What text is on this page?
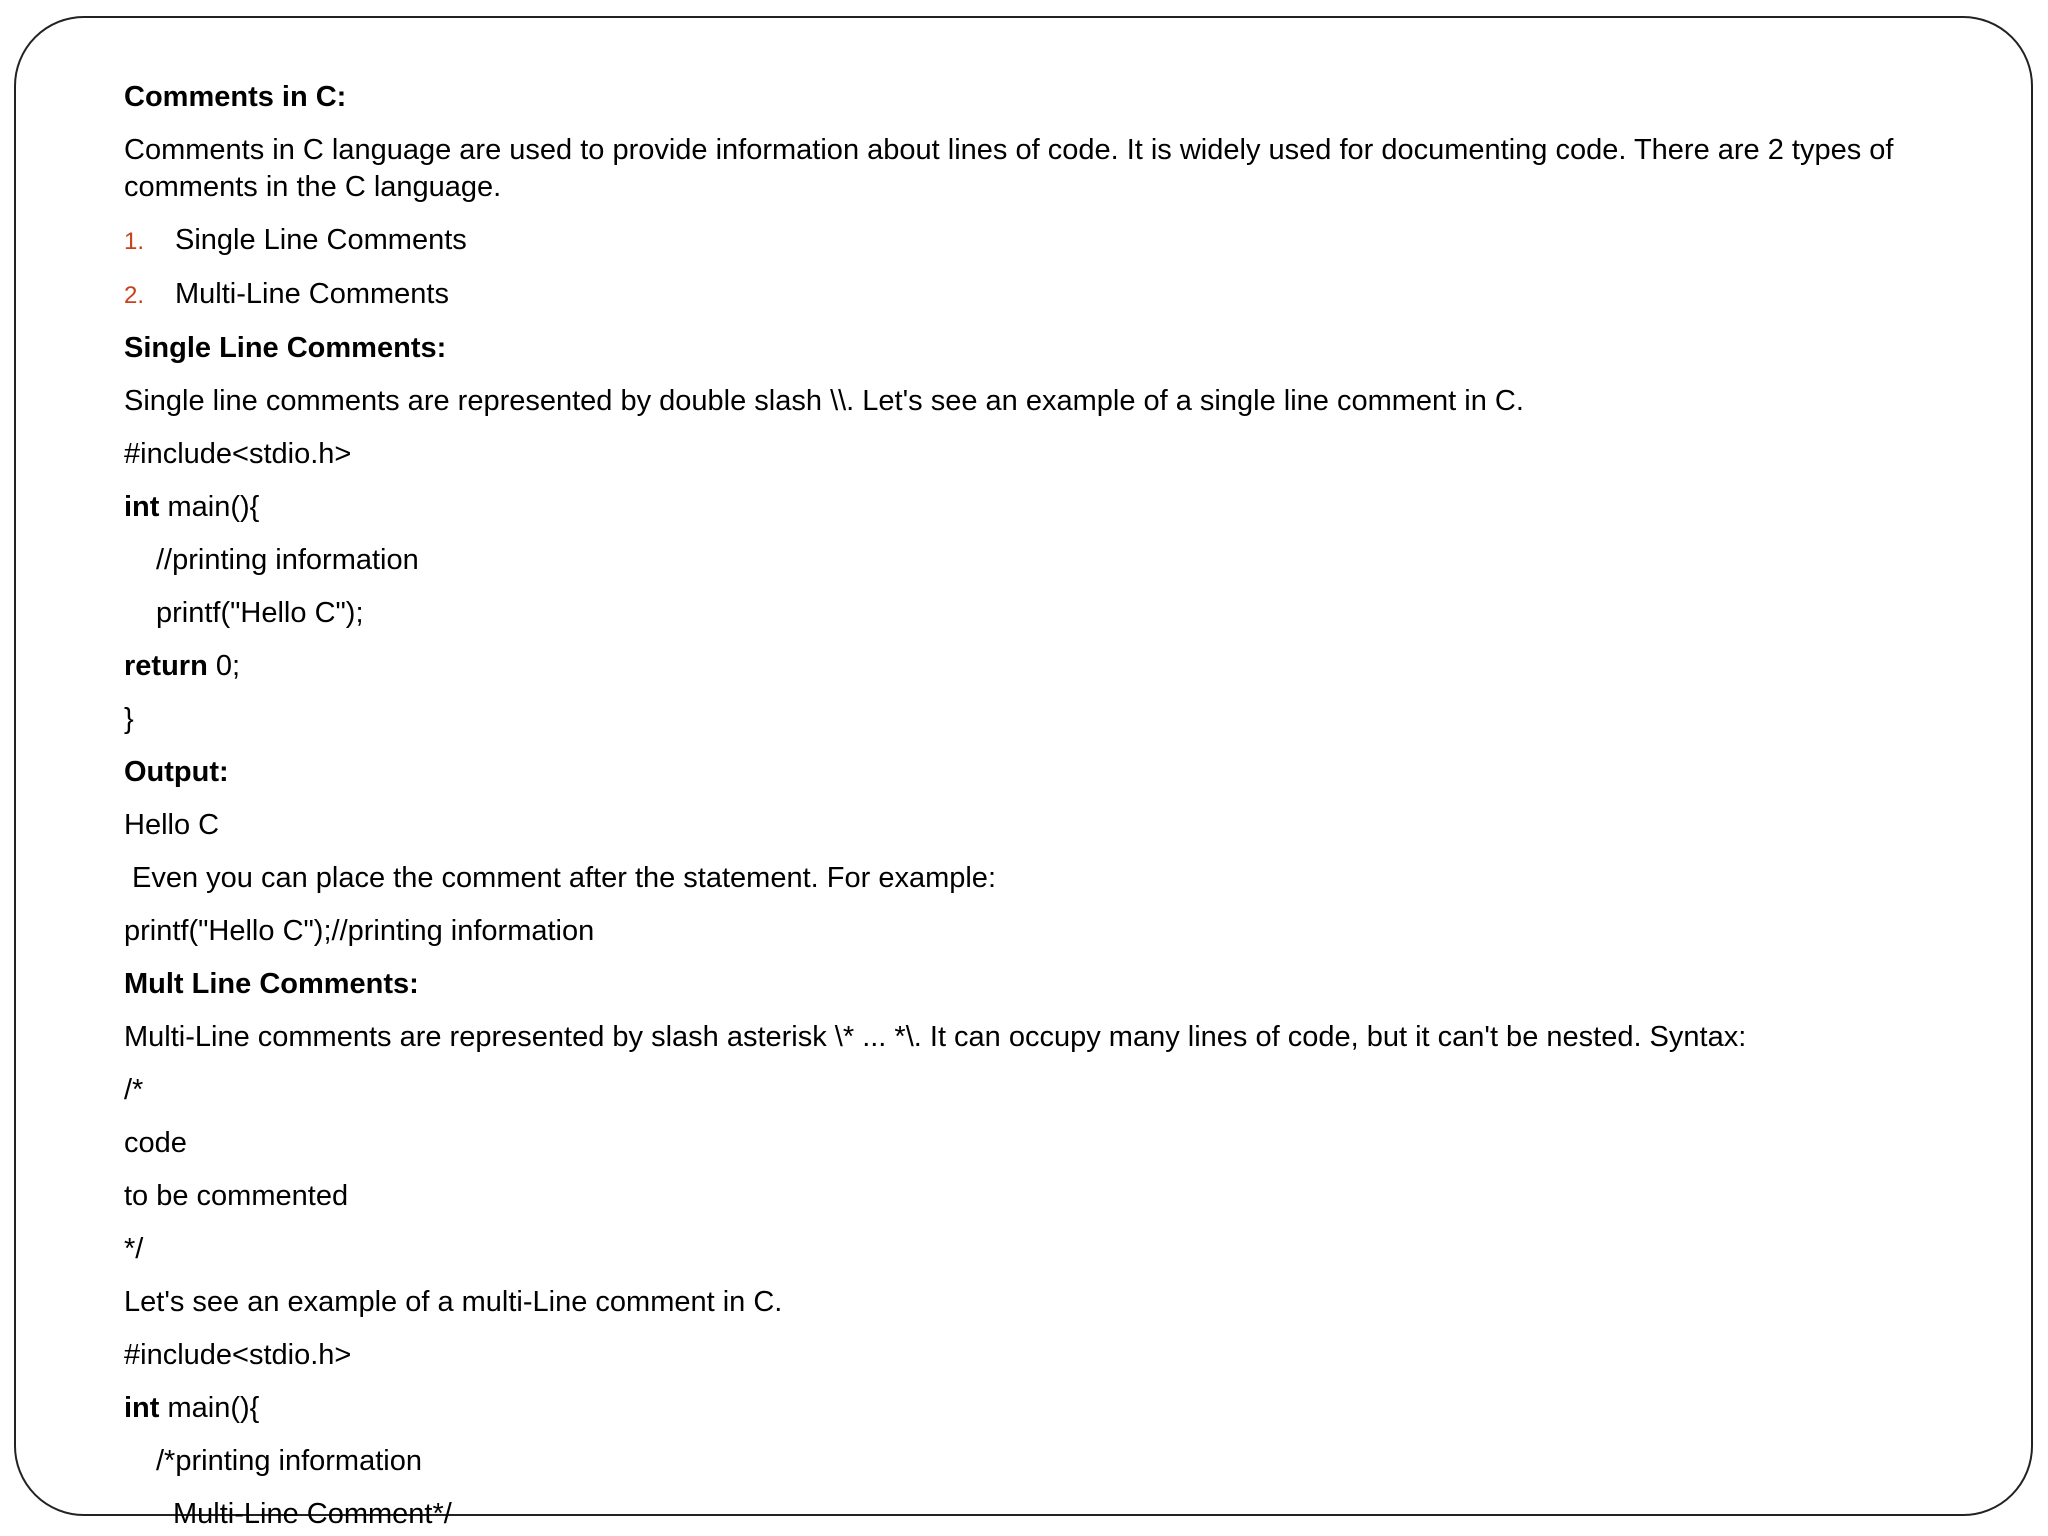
Comments in C:
Comments in C language are used to provide information about lines of code. It is widely used for documenting code. There are 2 types of comments in the C language.
1.	Single Line Comments
2.	Multi-Line Comments
Single Line Comments:
Single line comments are represented by double slash \\. Let's see an example of a single line comment in C.
#include<stdio.h>
int main(){
//printing information
printf("Hello C");
return 0;
}
Output:
Hello C
Even you can place the comment after the statement. For example:
printf("Hello C");//printing information
Mult Line Comments:
Multi-Line comments are represented by slash asterisk \* ... *\. It can occupy many lines of code, but it can't be nested. Syntax:
/*
code
to be commented
*/
Let's see an example of a multi-Line comment in C.
#include<stdio.h>
int main(){
/*printing information
Multi-Line Comment*/
